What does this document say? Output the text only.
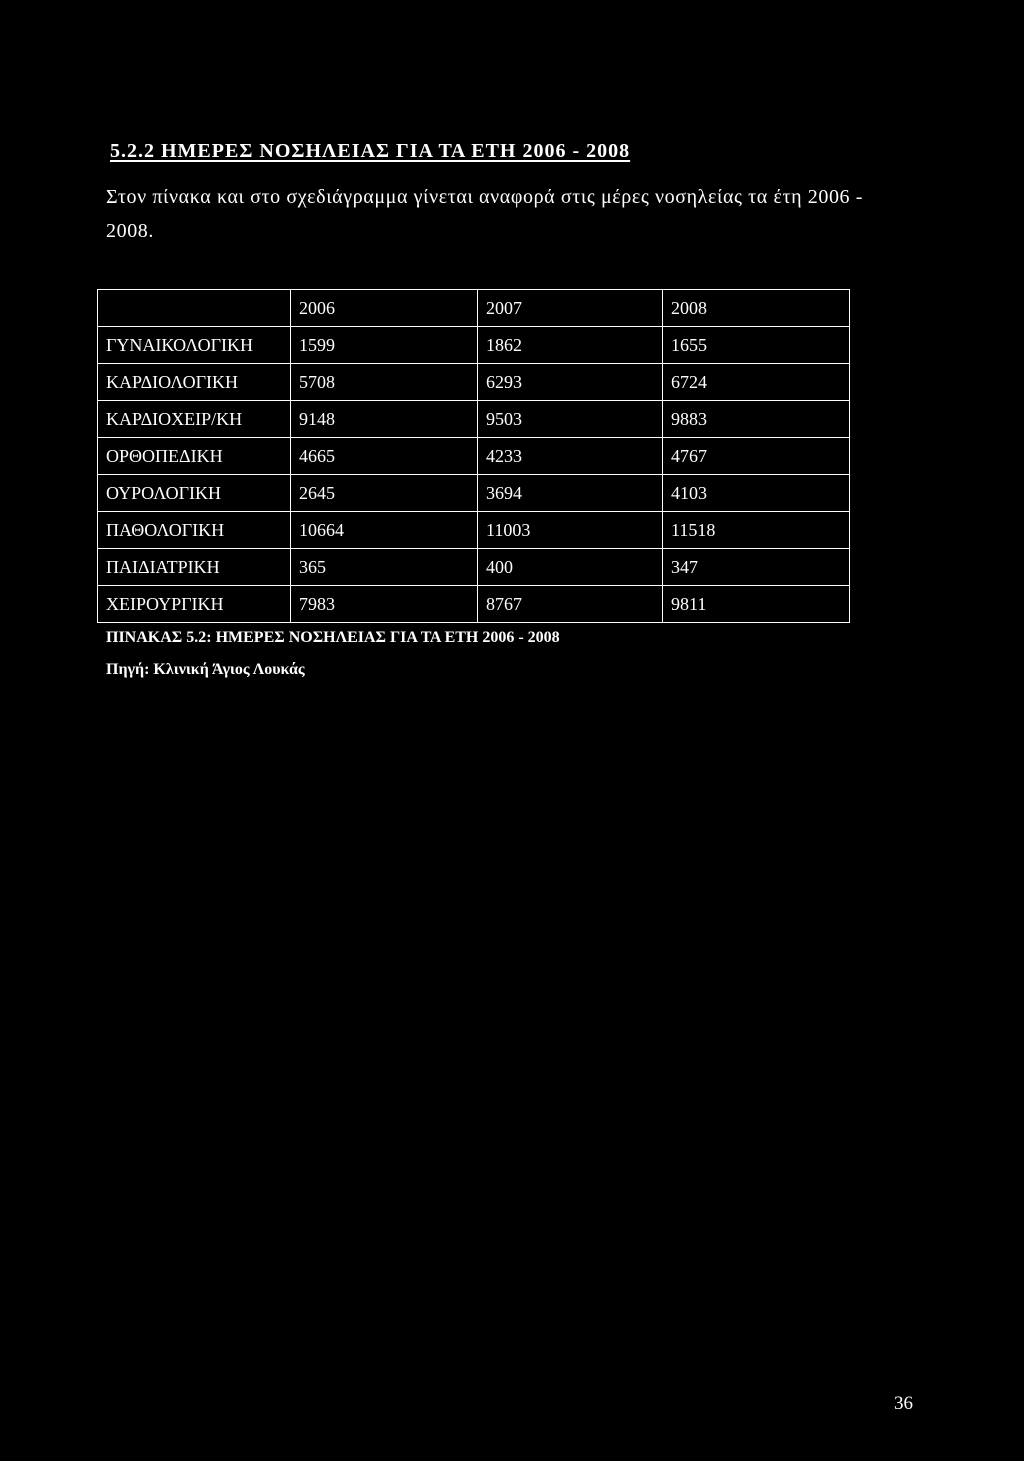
5.2.2 ΗΜΕΡΕΣ ΝΟΣΗΛΕΙΑΣ ΓΙΑ ΤΑ ΕΤΗ 2006 - 2008

Στον πίνακα και στο σχεδιάγραμμα γίνεται αναφορά στις μέρες νοσηλείας τα έτη 2006 - 2008.

	2006	2007	2008
ΓΥΝΑΙΚΟΛΟΓΙΚΗ	1599	1862	1655
ΚΑΡΔΙΟΛΟΓΙΚΗ	5708	6293	6724
ΚΑΡΔΙΟΧΕΙΡ/ΚΗ	9148	9503	9883
ΟΡΘΟΠΕΔΙΚΗ	4665	4233	4767
ΟΥΡΟΛΟΓΙΚΗ	2645	3694	4103
ΠΑΘΟΛΟΓΙΚΗ	10664	11003	11518
ΠΑΙΔΙΑΤΡΙΚΗ	365	400	347
ΧΕΙΡΟΥΡΓΙΚΗ	7983	8767	9811

ΠΙΝΑΚΑΣ 5.2: ΗΜΕΡΕΣ ΝΟΣΗΛΕΙΑΣ ΓΙΑ ΤΑ ΕΤΗ 2006 - 2008

Πηγή: Κλινική Άγιος Λουκάς

36
